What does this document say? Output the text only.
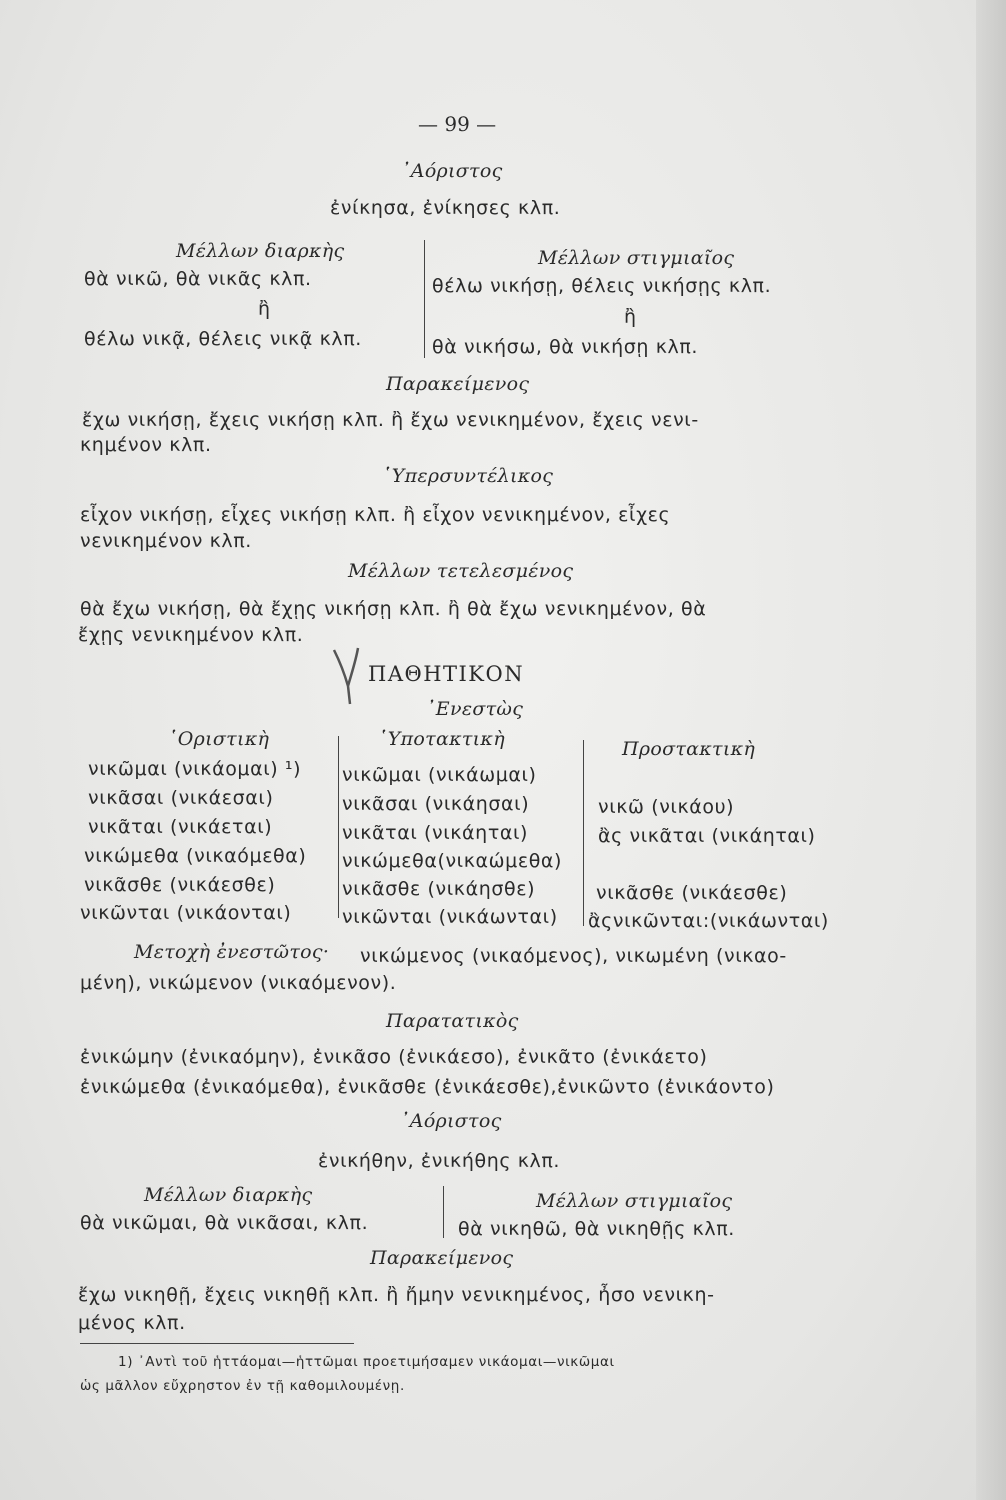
— 99 —
᾿Αόριστος
ἐνίκησα, ἐνίκησες κλπ.
Μέλλων διαρκὴς
θὰ νικῶ, θὰ νικᾶς κλπ.
ἢ
θέλω νικᾷ, θέλεις νικᾷ κλπ.
Μέλλων στιγμιαῖος
θέλω νικήσῃ, θέλεις νικήσῃς κλπ.
ἢ
θὰ νικήσω, θὰ νικήσῃ κλπ.
Παρακείμενος
ἔχω νικήσῃ, ἔχεις νικήσῃ κλπ. ἢ ἔχω νενικημένον, ἔχεις νενι-
κημένον κλπ.
῾Υπερσυντέλικος
εἶχον νικήσῃ, εἶχες νικήσῃ κλπ. ἢ εἶχον νενικημένον, εἶχες
νενικημένον κλπ.
Μέλλων τετελεσμένος
θὰ ἔχω νικήσῃ, θὰ ἔχῃς νικήσῃ κλπ. ἢ θὰ ἔχω νενικημένον, θὰ
ἔχῃς νενικημένον κλπ.
ΠΑΘΗΤΙΚΟΝ
᾿Ενεστὼς
῾Οριστικὴ	῾Υποτακτικὴ	Προστακτικὴ
νικῶμαι (νικάομαι) ¹)
νικᾶσαι (νικάεσαι)
νικᾶται (νικάεται)
νικώμεθα (νικαόμεθα)
νικᾶσθε (νικάεσθε)
νικῶνται (νικάονται)
νικῶμαι (νικάωμαι)
νικᾶσαι (νικάησαι)
νικᾶται (νικάηται)
νικώμεθα(νικαώμεθα)
νικᾶσθε (νικάησθε)
νικῶνται (νικάωνται)
νικῶ (νικάου)
ἂς νικᾶται (νικάηται)
νικᾶσθε (νικάεσθε)
ἂςνικῶνται:(νικάωνται)
Μετοχὴ ἐνεστῶτος· νικώμενος (νικαόμενος), νικωμένη (νικαο-
μένη), νικώμενον (νικαόμενον).
Παρατατικὸς
ἐνικώμην (ἐνικαόμην), ἐνικᾶσο (ἐνικάεσο), ἐνικᾶτο (ἐνικάετο)
ἐνικώμεθα (ἐνικαόμεθα), ἐνικᾶσθε (ἐνικάεσθε),ἐνικῶντο (ἐνικάοντο)
᾿Αόριστος
ἐνικήθην, ἐνικήθης κλπ.
Μέλλων διαρκὴς
θὰ νικῶμαι, θὰ νικᾶσαι, κλπ.
Μέλλων στιγμιαῖος
θὰ νικηθῶ, θὰ νικηθῇς κλπ.
Παρακείμενος
ἔχω νικηθῇ, ἔχεις νικηθῇ κλπ. ἢ ἤμην νενικημένος, ἦσο νενικη-
μένος κλπ.
1) ᾿Αντὶ τοῦ ἡττάομαι—ἡττῶμαι προετιμήσαμεν νικάομαι—νικῶμαι
ὡς μᾶλλον εὔχρηστον ἐν τῇ καθομιλουμένῃ.
